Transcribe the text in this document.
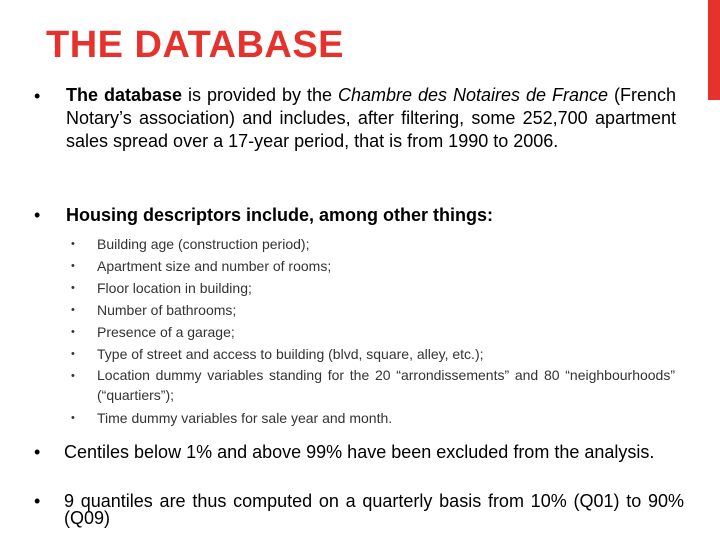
THE DATABASE
• The database is provided by the Chambre des Notaires de France (French Notary’s association) and includes, after filtering, some 252,700 apartment sales spread over a 17-year period, that is from 1990 to 2006.
• Housing descriptors include, among other things:
• Building age (construction period);
• Apartment size and number of rooms;
• Floor location in building;
• Number of bathrooms;
• Presence of a garage;
• Type of street and access to building (blvd, square, alley, etc.);
• Location dummy variables standing for the 20 “arrondissements” and 80 “neighbourhoods” (“quartiers”);
• Time dummy variables for sale year and month.
• Centiles below 1% and above 99% have been excluded from the analysis.
• 9 quantiles are thus computed on a quarterly basis from 10% (Q01) to 90%(Q09)
